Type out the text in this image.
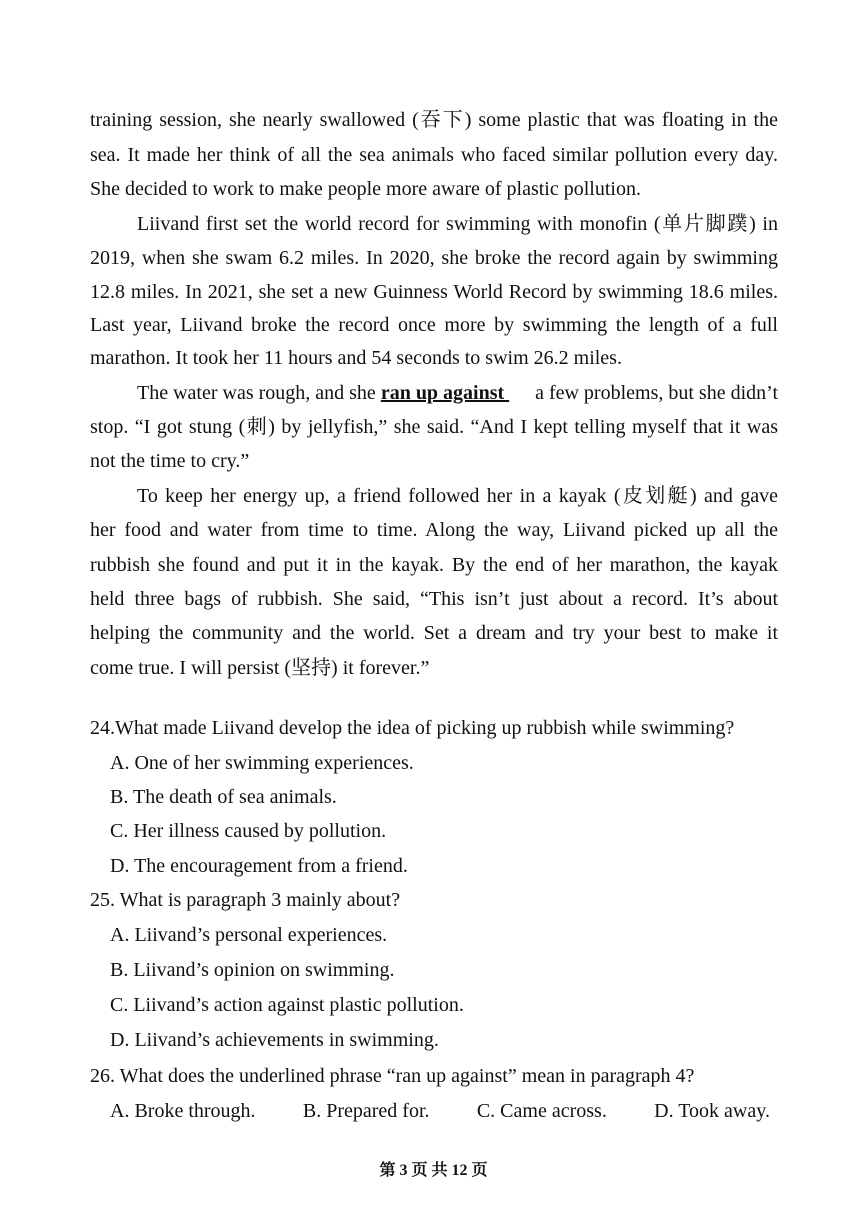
training session, she nearly swallowed (吞下) some plastic that was floating in the
sea. It made her think of all the sea animals who faced similar pollution every day.
She decided to work to make people more aware of plastic pollution.
Liivand first set the world record for swimming with monofin (单片脚蹼) in
2019, when she swam 6.2 miles. In 2020, she broke the record again by swimming
12.8 miles. In 2021, she set a new Guinness World Record by swimming 18.6 miles.
Last year, Liivand broke the record once more by swimming the length of a full
marathon. It took her 11 hours and 54 seconds to swim 26.2 miles.
The water was rough, and she ran up against	a few problems, but she didn’t
stop. “I got stung (刺) by jellyfish,” she said. “And I kept telling myself that it was
not the time to cry.”
To keep her energy up, a friend followed her in a kayak (皮划艇) and gave
her food and water from time to time. Along the way, Liivand picked up all the
rubbish she found and put it in the kayak. By the end of her marathon, the kayak
held three bags of rubbish. She said, “This isn’t just about a record. It’s about
helping the community and the world. Set a dream and try your best to make it
come true. I will persist (坚持) it forever.”
24.What made Liivand develop the idea of picking up rubbish while swimming?
A. One of her swimming experiences.
B. The death of sea animals.
C. Her illness caused by pollution.
D. The encouragement from a friend.
25. What is paragraph 3 mainly about?
A. Liivand’s personal experiences.
B. Liivand’s opinion on swimming.
C. Liivand’s action against plastic pollution.
D. Liivand’s achievements in swimming.
26. What does the underlined phrase “ran up against” mean in paragraph 4?
A. Broke through. B. Prepared for. C. Came across. D. Took away.
第 3 页 共 12 页
